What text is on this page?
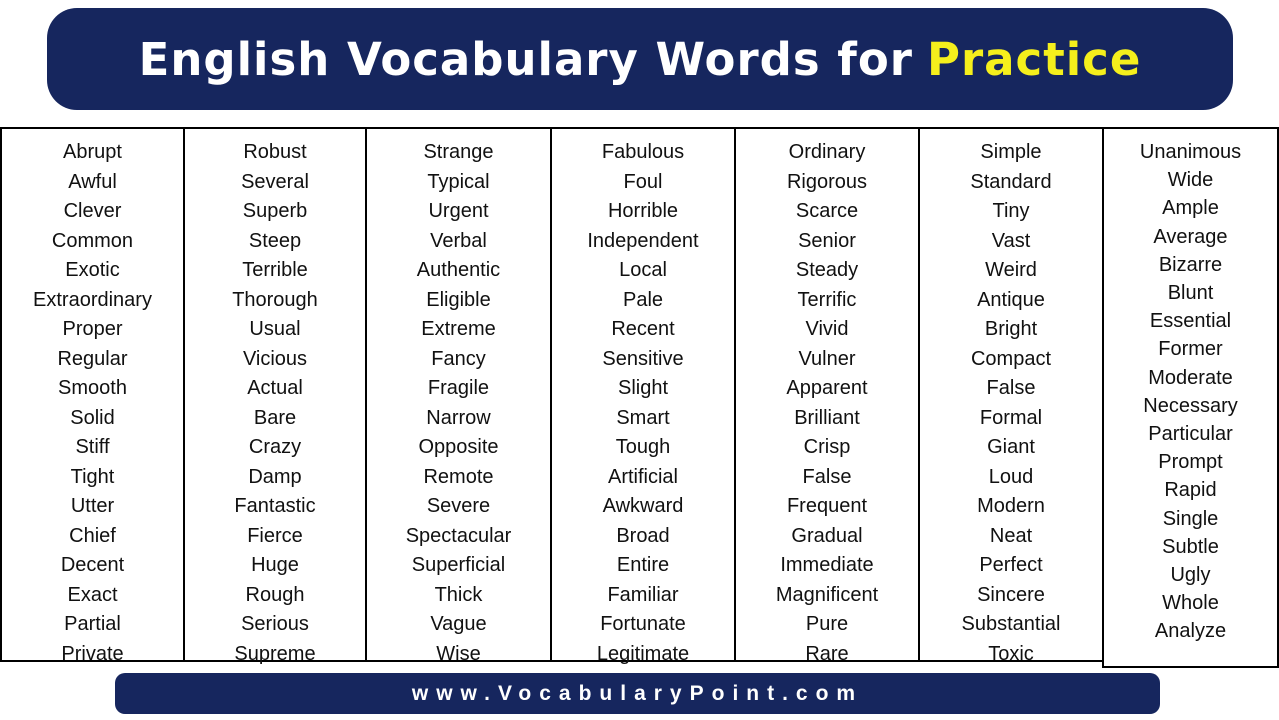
English Vocabulary Words for Practice
Abrupt
Awful
Clever
Common
Exotic
Extraordinary
Proper
Regular
Smooth
Solid
Stiff
Tight
Utter
Chief
Decent
Exact
Partial
Private
Robust
Several
Superb
Steep
Terrible
Thorough
Usual
Vicious
Actual
Bare
Crazy
Damp
Fantastic
Fierce
Huge
Rough
Serious
Supreme
Strange
Typical
Urgent
Verbal
Authentic
Eligible
Extreme
Fancy
Fragile
Narrow
Opposite
Remote
Severe
Spectacular
Superficial
Thick
Vague
Wise
Fabulous
Foul
Horrible
Independent
Local
Pale
Recent
Sensitive
Slight
Smart
Tough
Artificial
Awkward
Broad
Entire
Familiar
Fortunate
Legitimate
Ordinary
Rigorous
Scarce
Senior
Steady
Terrific
Vivid
Vulner
Apparent
Brilliant
Crisp
False
Frequent
Gradual
Immediate
Magnificent
Pure
Rare
Simple
Standard
Tiny
Vast
Weird
Antique
Bright
Compact
False
Formal
Giant
Loud
Modern
Neat
Perfect
Sincere
Substantial
Toxic
Unanimous
Wide
Ample
Average
Bizarre
Blunt
Essential
Former
Moderate
Necessary
Particular
Prompt
Rapid
Single
Subtle
Ugly
Whole
Analyze
www.VocabularyPoint.com
